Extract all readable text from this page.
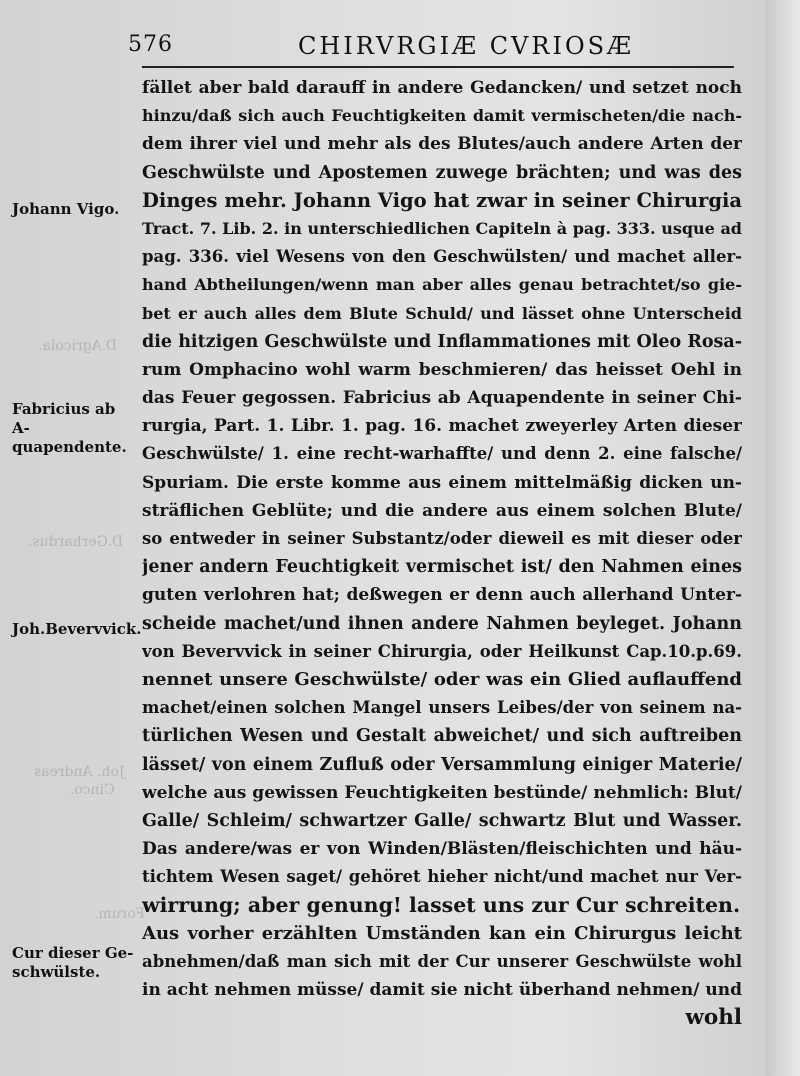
576	CHIRVRGIÆ CVRIOSÆ
D.Agricola.
D.Gerhardus.
Joh. Andreas
Cinco.
Forum.
Johann Vigo.
Fabricius ab A-
quapendente.
Joh.Bevervvick.
Cur dieser Ge-
schwülste.
fället aber bald darauff in andere Gedancken/ und setzet noch
hinzu/daß sich auch Feuchtigkeiten damit vermischeten/die nach-
dem ihrer viel und mehr als des Blutes/auch andere Arten der
Geschwülste und Apostemen zuwege brächten; und was des
Dinges mehr. Johann Vigo hat zwar in seiner Chirurgia
Tract. 7. Lib. 2. in unterschiedlichen Capiteln à pag. 333. usque ad
pag. 336. viel Wesens von den Geschwülsten/ und machet aller-
hand Abtheilungen/wenn man aber alles genau betrachtet/so gie-
bet er auch alles dem Blute Schuld/ und lässet ohne Unterscheid
die hitzigen Geschwülste und Inflammationes mit Oleo Rosa-
rum Omphacino wohl warm beschmieren/ das heisset Oehl in
das Feuer gegossen. Fabricius ab Aquapendente in seiner Chi-
rurgia, Part. 1. Libr. 1. pag. 16. machet zweyerley Arten dieser
Geschwülste/ 1. eine recht-warhaffte/ und denn 2. eine falsche/
Spuriam. Die erste komme aus einem mittelmäßig dicken un-
sträflichen Geblüte; und die andere aus einem solchen Blute/
so entweder in seiner Substantz/oder dieweil es mit dieser oder
jener andern Feuchtigkeit vermischet ist/ den Nahmen eines
guten verlohren hat; deßwegen er denn auch allerhand Unter-
scheide machet/und ihnen andere Nahmen beyleget. Johann
von Bevervvick in seiner Chirurgia, oder Heilkunst Cap.10.p.69.
nennet unsere Geschwülste/ oder was ein Glied auflauffend
machet/einen solchen Mangel unsers Leibes/der von seinem na-
türlichen Wesen und Gestalt abweichet/ und sich auftreiben
lässet/ von einem Zufluß oder Versammlung einiger Materie/
welche aus gewissen Feuchtigkeiten bestünde/ nehmlich: Blut/
Galle/ Schleim/ schwartzer Galle/ schwartz Blut und Wasser.
Das andere/was er von Winden/Blästen/fleischichten und häu-
tichtem Wesen saget/ gehöret hieher nicht/und machet nur Ver-
wirrung; aber genung! lasset uns zur Cur schreiten.
Aus vorher erzählten Umständen kan ein Chirurgus leicht
abnehmen/daß man sich mit der Cur unserer Geschwülste wohl
in acht nehmen müsse/ damit sie nicht überhand nehmen/ und
wohl
